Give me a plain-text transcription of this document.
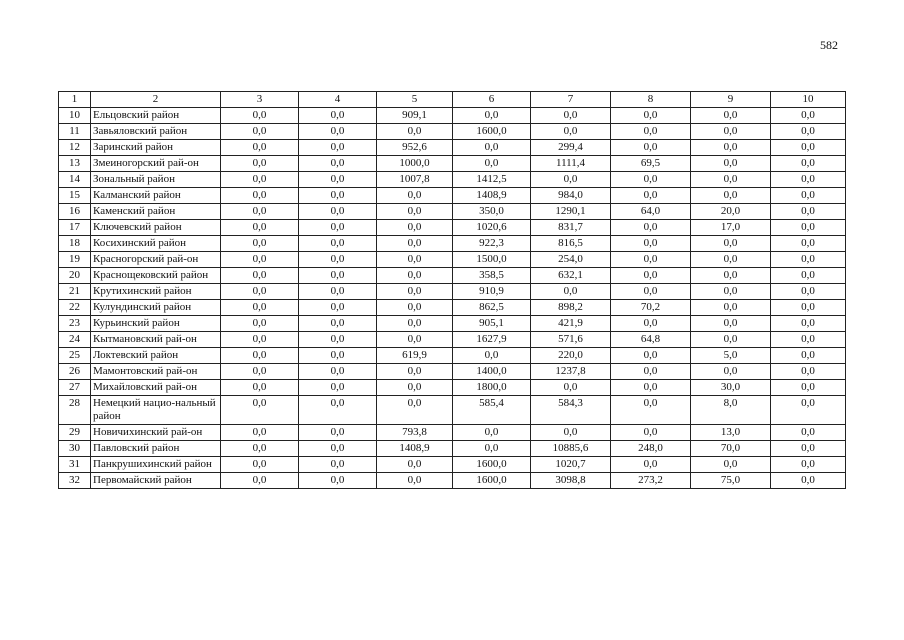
582
1	2	3	4	5	6	7	8	9	10
10	Ельцовский район	0,0	0,0	909,1	0,0	0,0	0,0	0,0	0,0
11	Завьяловский район	0,0	0,0	0,0	1600,0	0,0	0,0	0,0	0,0
12	Заринский район	0,0	0,0	952,6	0,0	299,4	0,0	0,0	0,0
13	Змеиногорский рай-он	0,0	0,0	1000,0	0,0	1111,4	69,5	0,0	0,0
14	Зональный район	0,0	0,0	1007,8	1412,5	0,0	0,0	0,0	0,0
15	Калманский район	0,0	0,0	0,0	1408,9	984,0	0,0	0,0	0,0
16	Каменский район	0,0	0,0	0,0	350,0	1290,1	64,0	20,0	0,0
17	Ключевский район	0,0	0,0	0,0	1020,6	831,7	0,0	17,0	0,0
18	Косихинский район	0,0	0,0	0,0	922,3	816,5	0,0	0,0	0,0
19	Красногорский рай-он	0,0	0,0	0,0	1500,0	254,0	0,0	0,0	0,0
20	Краснощековский район	0,0	0,0	0,0	358,5	632,1	0,0	0,0	0,0
21	Крутихинский район	0,0	0,0	0,0	910,9	0,0	0,0	0,0	0,0
22	Кулундинский район	0,0	0,0	0,0	862,5	898,2	70,2	0,0	0,0
23	Курьинский район	0,0	0,0	0,0	905,1	421,9	0,0	0,0	0,0
24	Кытмановский рай-он	0,0	0,0	0,0	1627,9	571,6	64,8	0,0	0,0
25	Локтевский район	0,0	0,0	619,9	0,0	220,0	0,0	5,0	0,0
26	Мамонтовский рай-он	0,0	0,0	0,0	1400,0	1237,8	0,0	0,0	0,0
27	Михайловский рай-он	0,0	0,0	0,0	1800,0	0,0	0,0	30,0	0,0
28	Немецкий нацио-нальный район	0,0	0,0	0,0	585,4	584,3	0,0	8,0	0,0
29	Новичихинский рай-он	0,0	0,0	793,8	0,0	0,0	0,0	13,0	0,0
30	Павловский район	0,0	0,0	1408,9	0,0	10885,6	248,0	70,0	0,0
31	Панкрушихинский район	0,0	0,0	0,0	1600,0	1020,7	0,0	0,0	0,0
32	Первомайский район	0,0	0,0	0,0	1600,0	3098,8	273,2	75,0	0,0
